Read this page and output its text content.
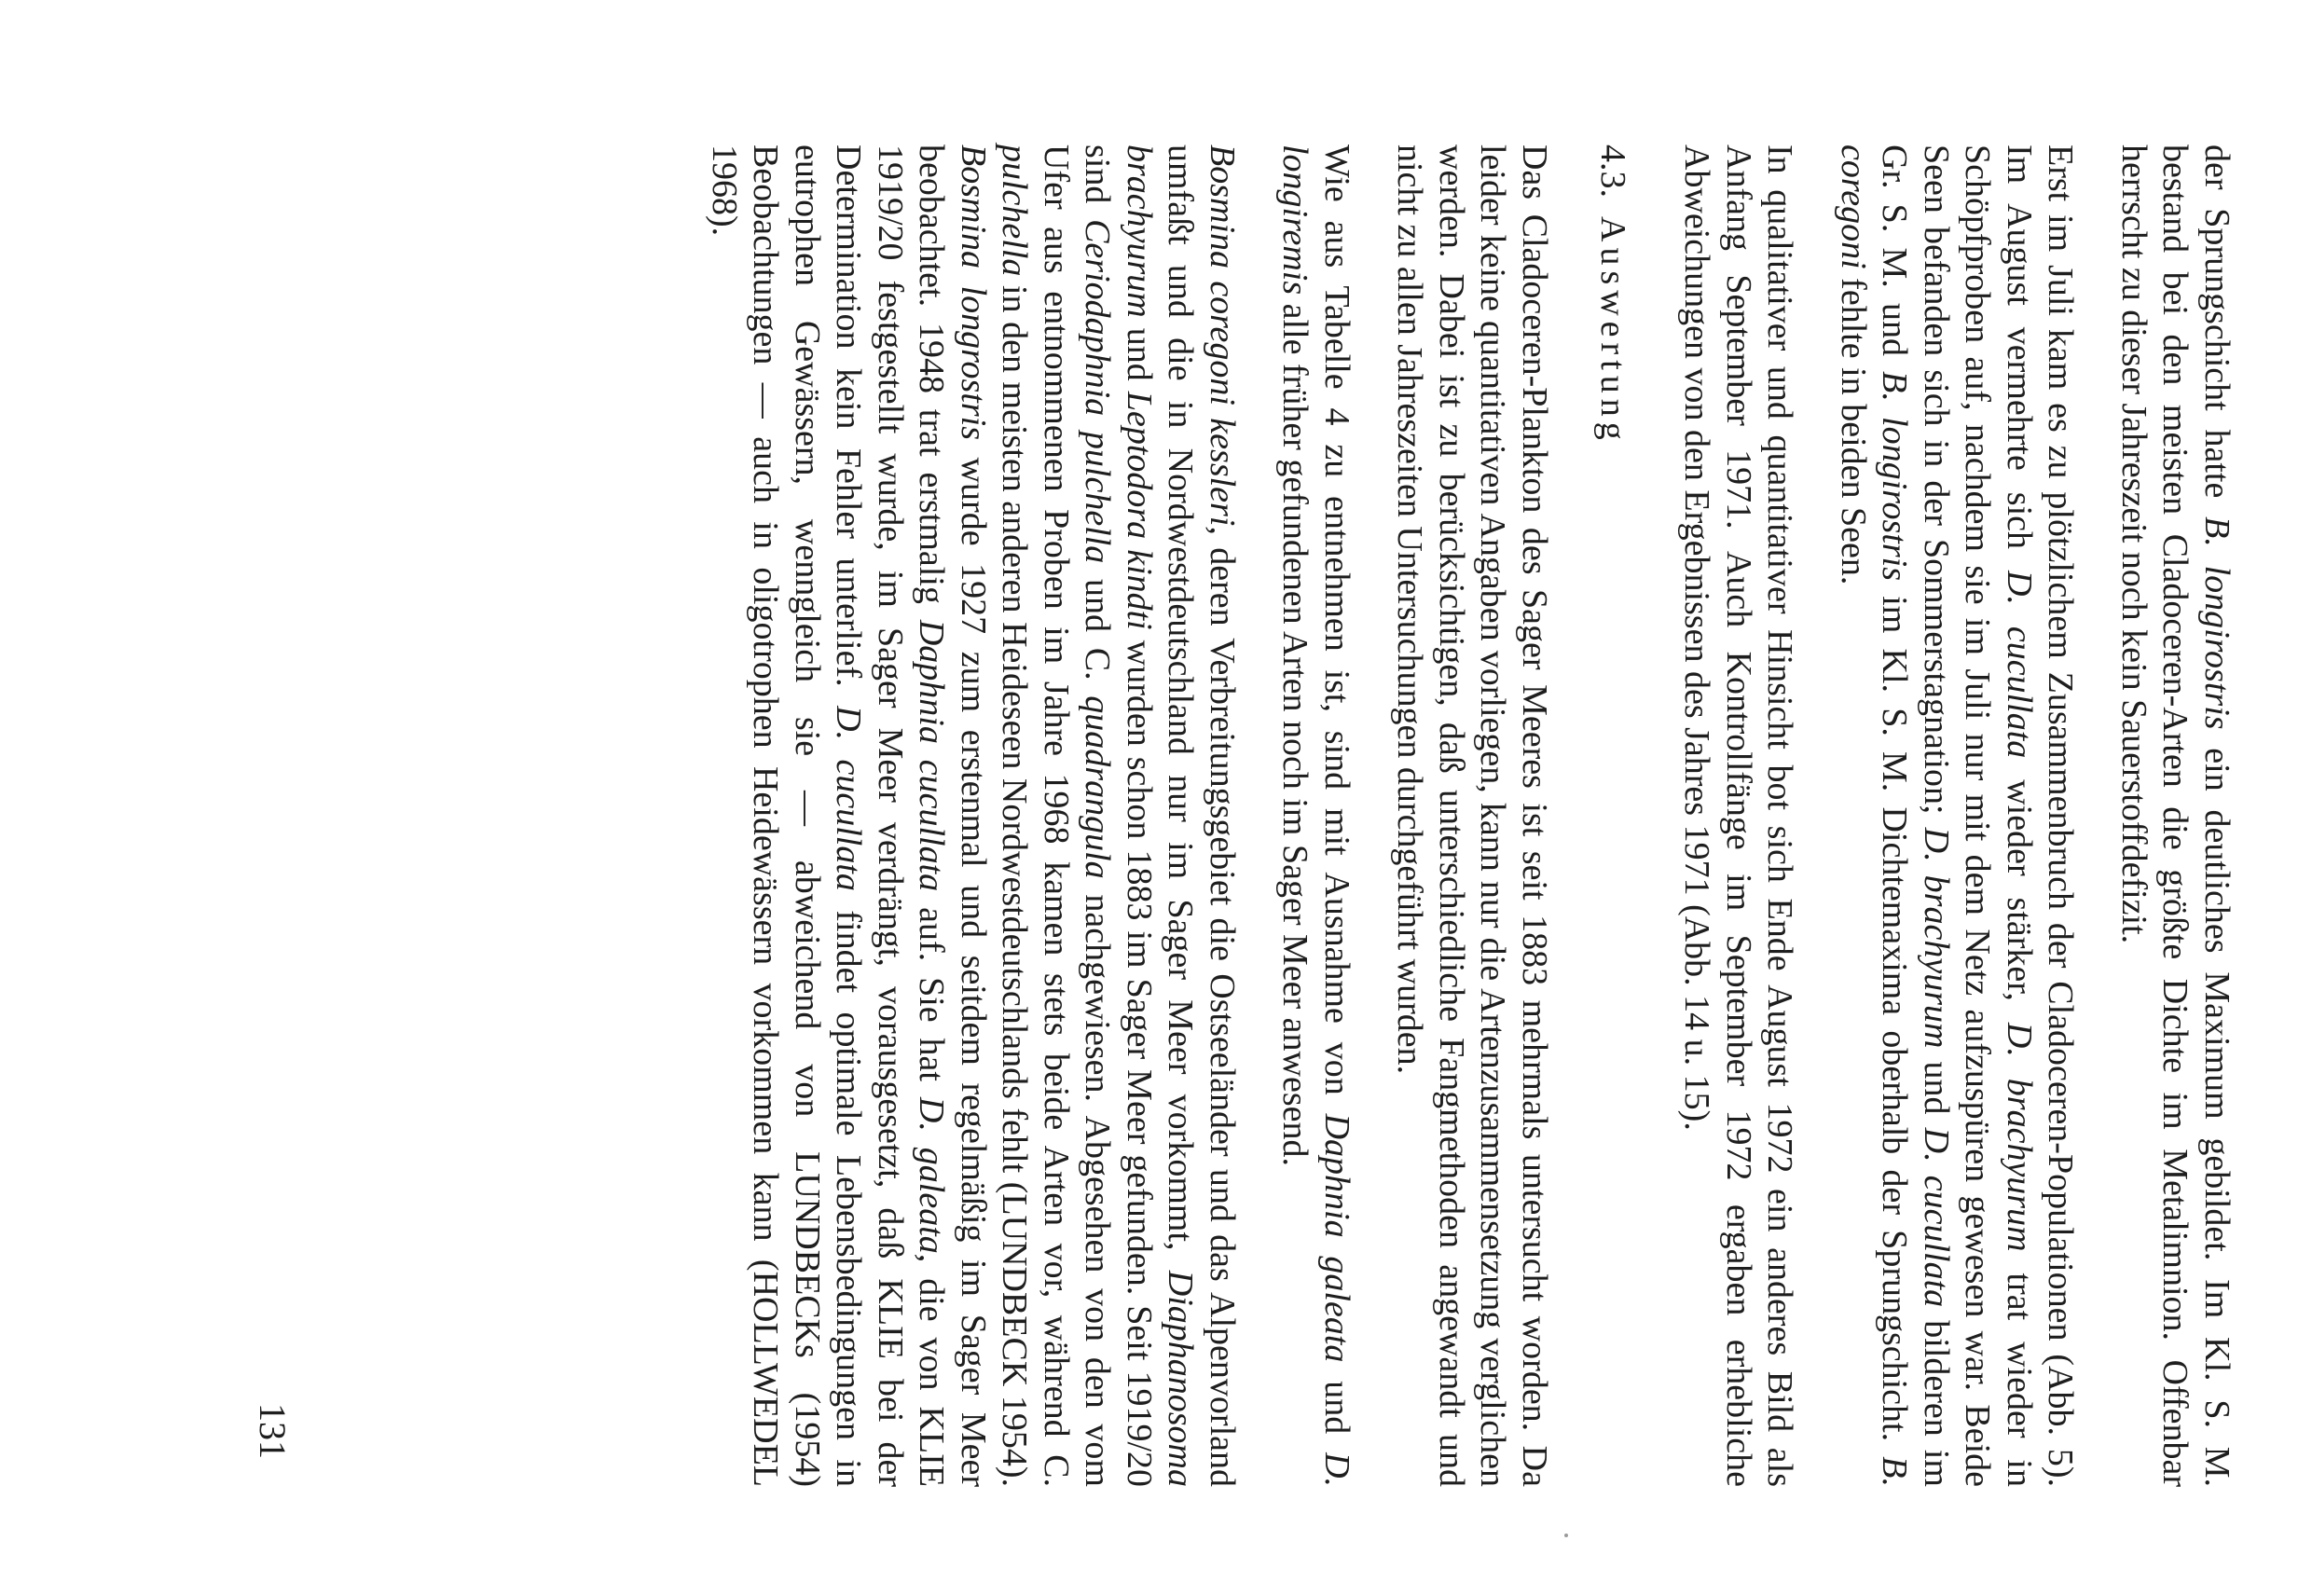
der Sprungschicht hatte B. longirostris ein deutliches Maximum gebildet. Im Kl. S. M. bestand bei den meisten Cladoceren-Arten die größte Dichte im Metalimnion. Offenbar herrscht zu dieser Jahreszeit noch kein Sauerstoffdefizit.

Erst im Juli kam es zu plötzlichem Zusammenbruch der Cladoceren-Populationen (Abb. 5). Im August vermehrte sich D. cucullata wieder stärker, D. brachyurum trat wieder in Schöpfproben auf, nachdem sie im Juli nur mit dem Netz aufzuspüren gewesen war. Beide Seen befanden sich in der Sommerstagnation; D. brachyurum und D. cucullata bilderen im Gr. S. M. und B. longirostris im Kl. S. M. Dichtemaxima oberhalb der Sprungschicht. B. coregoni fehlte in beiden Seen.

In qualitativer und quantitativer Hinsicht bot sich Ende August 1972 ein anderes Bild als Anfang September 1971. Auch Kontrollfänge im September 1972 ergaben erhebliche Abweichungen von den Ergebnissen des Jahres 1971 (Abb. 14 u. 15).

4.3.Auswertung

Das Cladoceren-Plankton des Sager Meeres ist seit 1883 mehrmals untersucht worden. Da leider keine quantitativen Angaben vorliegen, kann nur die Artenzusammensetzung verglichen werden. Dabei ist zu berücksichtigen, daß unterschiedliche Fangmethoden angewandt und nicht zu allen Jahreszeiten Untersuchungen durchgeführt wurden.

Wie aus Tabelle 4 zu entnehmen ist, sind mit Ausnahme von Daphnia galeata und D. longiremis alle früher gefundenen Arten noch im Sager Meer anwesend.

Bosmina coregoni kessleri, deren Verbreitungsgebiet die Ostseeländer und das Alpenvorland umfaßt und die in Nordwestdeutschland nur im Sager Meer vorkommt, Diaphanosoma brachyurum und Leptodora kindti wurden schon 1883 im Sager Meer gefunden. Seit 1919/20 sind Ceriodaphnia pulchella und C. quadrangula nachgewiesen. Abgesehen von den vom Ufer aus entnommenen Proben im Jahre 1968 kamen stets beide Arten vor, während C. pulchella in den meisten anderen Heideseen Nordwestdeutschlands fehlt (LUNDBECK 1954). Bosmina longrostris wurde 1927 zum erstenmal und seitdem regelmäßig im Sager Meer beobachtet. 1948 trat erstmalig Daphnia cucullata auf. Sie hat D. galeata, die von KLIE 1919/20 festgestellt wurde, im Sager Meer verdrängt, vorausgesetzt, daß KLIE bei der Determination kein Fehler unterlief. D. cucullata findet optimale Lebensbedingungen in eutrophen Gewässern, wenngleich sie — abweichend von LUNDBECKs (1954) Beobachtungen — auch in oligotrophen Heidewässern vorkommen kann (HOLLWEDEL 1968).

131
